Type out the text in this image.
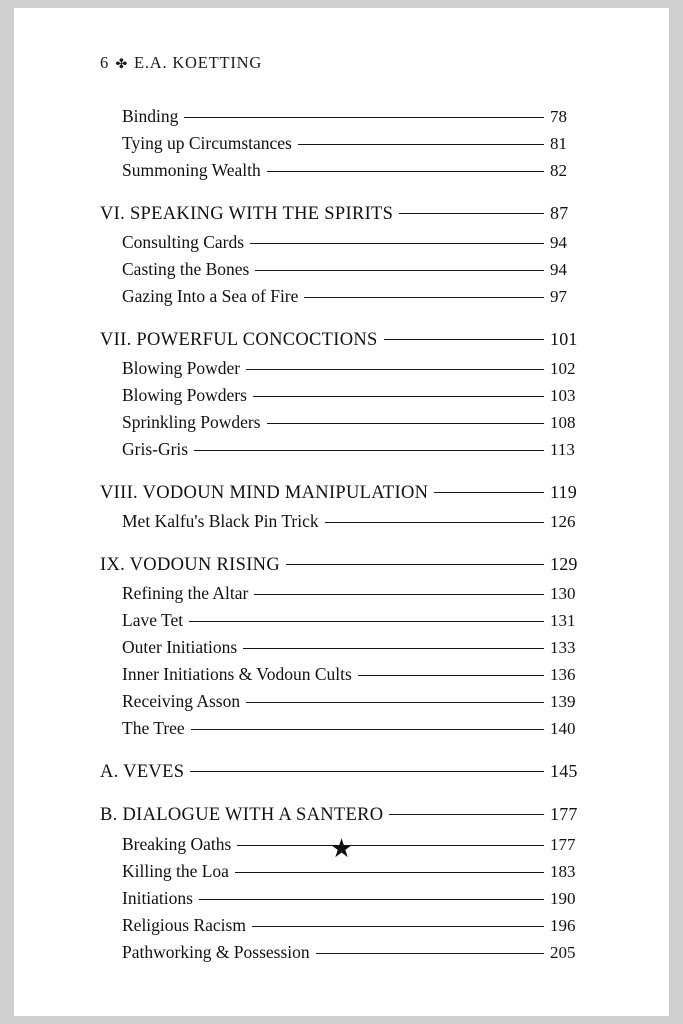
6 ✤ E.A. KOETTING
Binding	78
Tying up Circumstances	81
Summoning Wealth	82
VI. SPEAKING WITH THE SPIRITS	87
Consulting Cards	94
Casting the Bones	94
Gazing Into a Sea of Fire	97
VII. POWERFUL CONCOCTIONS	101
Blowing Powder	102
Blowing Powders	103
Sprinkling Powders	108
Gris-Gris	113
VIII. VODOUN MIND MANIPULATION	119
Met Kalfu's Black Pin Trick	126
IX. VODOUN RISING	129
Refining the Altar	130
Lave Tet	131
Outer Initiations	133
Inner Initiations & Vodoun Cults	136
Receiving Asson	139
The Tree	140
A. VEVES	145
B. DIALOGUE WITH A SANTERO	177
Breaking Oaths	177
Killing the Loa	183
Initiations	190
Religious Racism	196
Pathworking & Possession	205
★
